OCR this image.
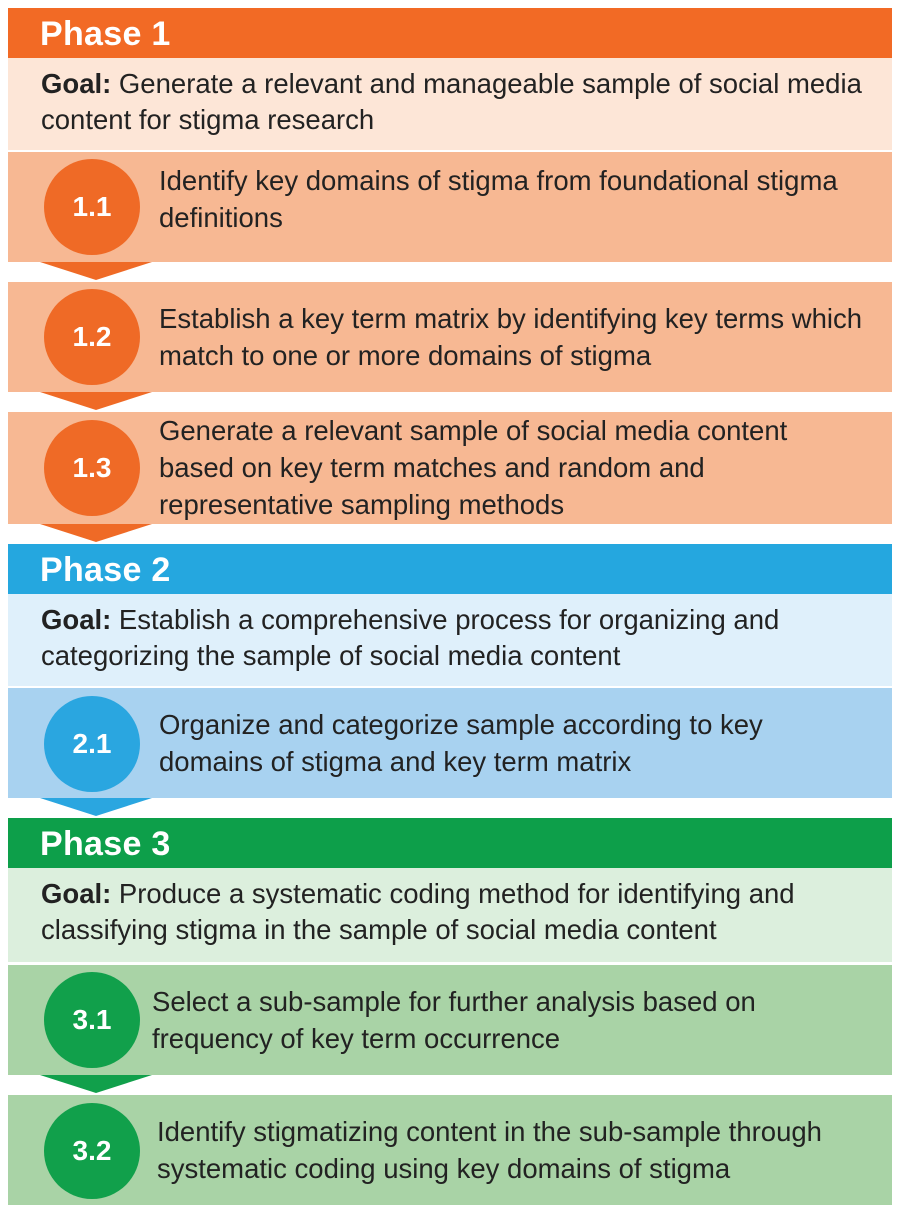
Phase 1
Goal: Generate a relevant and manageable sample of social media content for stigma research
1.1
Identify key domains of stigma from foundational stigma definitions
1.2
Establish a key term matrix by identifying key terms which match to one or more domains of stigma
1.3
Generate a relevant sample of social media content based on key term matches and random and representative sampling methods
Phase 2
Goal: Establish a comprehensive process for organizing and categorizing the sample of social media content
2.1
Organize and categorize sample according to key domains of stigma and key term matrix
Phase 3
Goal: Produce a systematic coding method for identifying and classifying stigma in the sample of social media content
3.1
Select a sub-sample for further analysis based on frequency of key term occurrence
3.2
Identify stigmatizing content in the sub-sample through systematic coding using key domains of stigma
